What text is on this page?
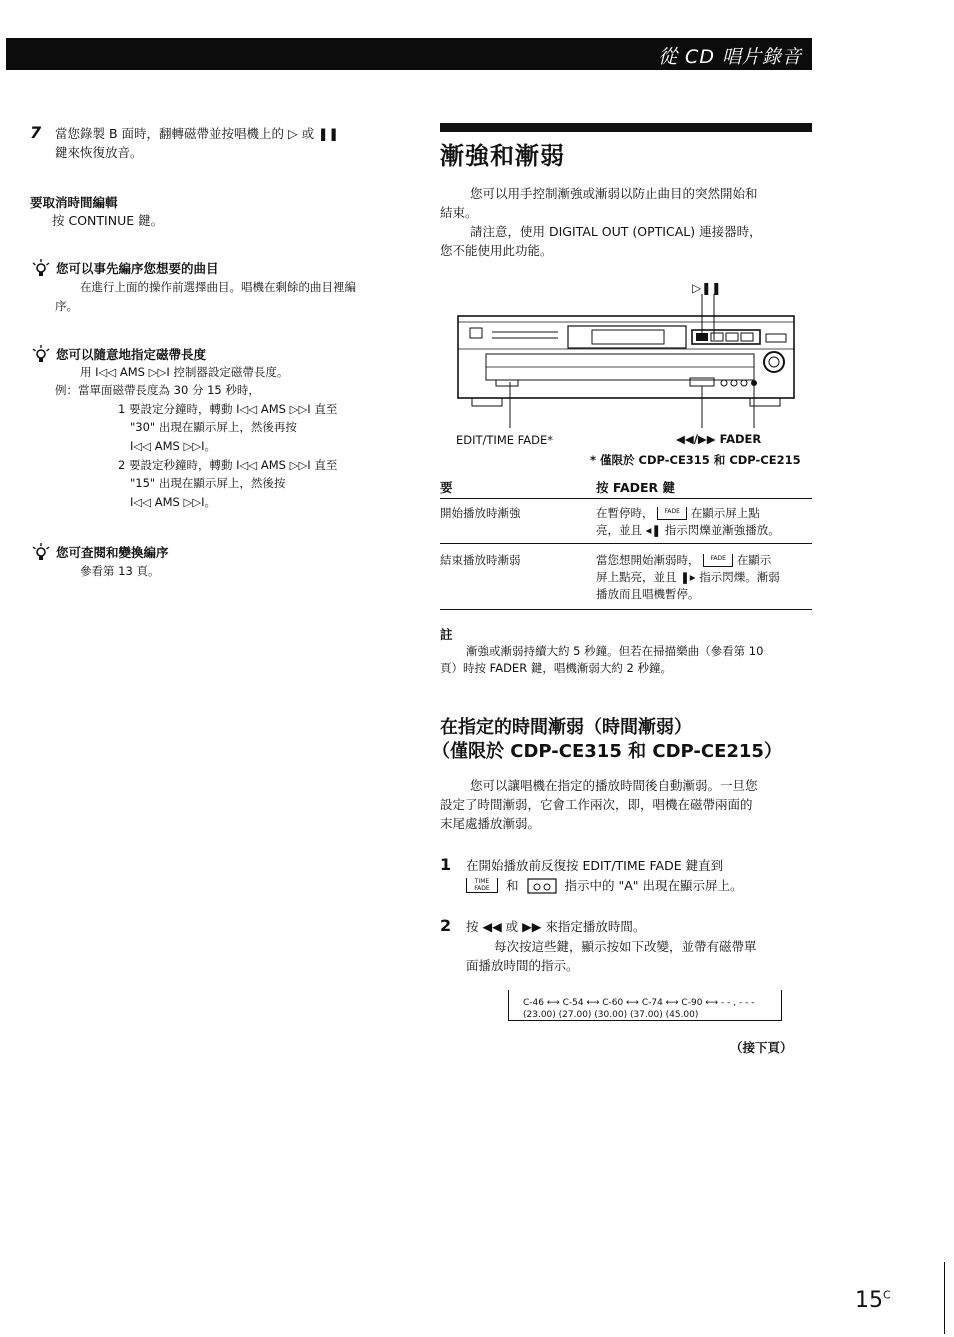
從 CD 唱片錄音
7 當您錄製 B 面時，翻轉磁帶並按唱機上的 ▷ 或 ❚❚
鍵來恢復放音。
要取消時間編輯
按 CONTINUE 鍵。
您可以事先編序您想要的曲目
在進行上面的操作前選擇曲目。唱機在剩餘的曲目裡編
序。
您可以隨意地指定磁帶長度
用 I◁◁ AMS ▷▷I 控制器設定磁帶長度。
例：當單面磁帶長度為 30 分 15 秒時，
1 要設定分鐘時，轉動 I◁◁ AMS ▷▷I 直至
"30" 出現在顯示屏上，然後再按
I◁◁ AMS ▷▷I。
2 要設定秒鐘時，轉動 I◁◁ AMS ▷▷I 直至
"15" 出現在顯示屏上，然後按
I◁◁ AMS ▷▷I。
您可查閱和變換編序
參看第 13 頁。
漸強和漸弱
您可以用手控制漸強或漸弱以防止曲目的突然開始和
結束。
請注意，使用 DIGITAL OUT (OPTICAL) 連接器時，
您不能使用此功能。
▷❚❚
EDIT/TIME FADE*	◀◀/▶▶ FADER
* 僅限於 CDP-CE315 和 CDP-CE215
要	按 FADER 鍵
開始播放時漸強	在暫停時， FADE 在顯示屏上點
亮，並且 ◂❚ 指示閃爍並漸強播放。
結束播放時漸弱	當您想開始漸弱時， FADE 在顯示
屏上點亮，並且 ❚▸ 指示閃爍。漸弱
播放而且唱機暫停。
註
漸強或漸弱持續大約 5 秒鐘。但若在掃描樂曲（參看第 10
頁）時按 FADER 鍵，唱機漸弱大約 2 秒鐘。
在指定的時間漸弱（時間漸弱）
（僅限於 CDP-CE315 和 CDP-CE215）
您可以讓唱機在指定的播放時間後自動漸弱。一旦您
設定了時間漸弱，它會工作兩次，即，唱機在磁帶兩面的
末尾處播放漸弱。
1 在開始播放前反復按 EDIT/TIME FADE 鍵直到
TIME FADE	和	指示中的 "A" 出現在顯示屏上。
2 按 ◀◀ 或 ▶▶ 來指定播放時間。
每次按這些鍵，顯示按如下改變，並帶有磁帶單
面播放時間的指示。
C-46 ⟷ C-54 ⟷ C-60 ⟷ C-74 ⟷ C-90 ⟷ - - , - - -
(23.00) (27.00) (30.00) (37.00) (45.00)
（接下頁）
$15^C$
